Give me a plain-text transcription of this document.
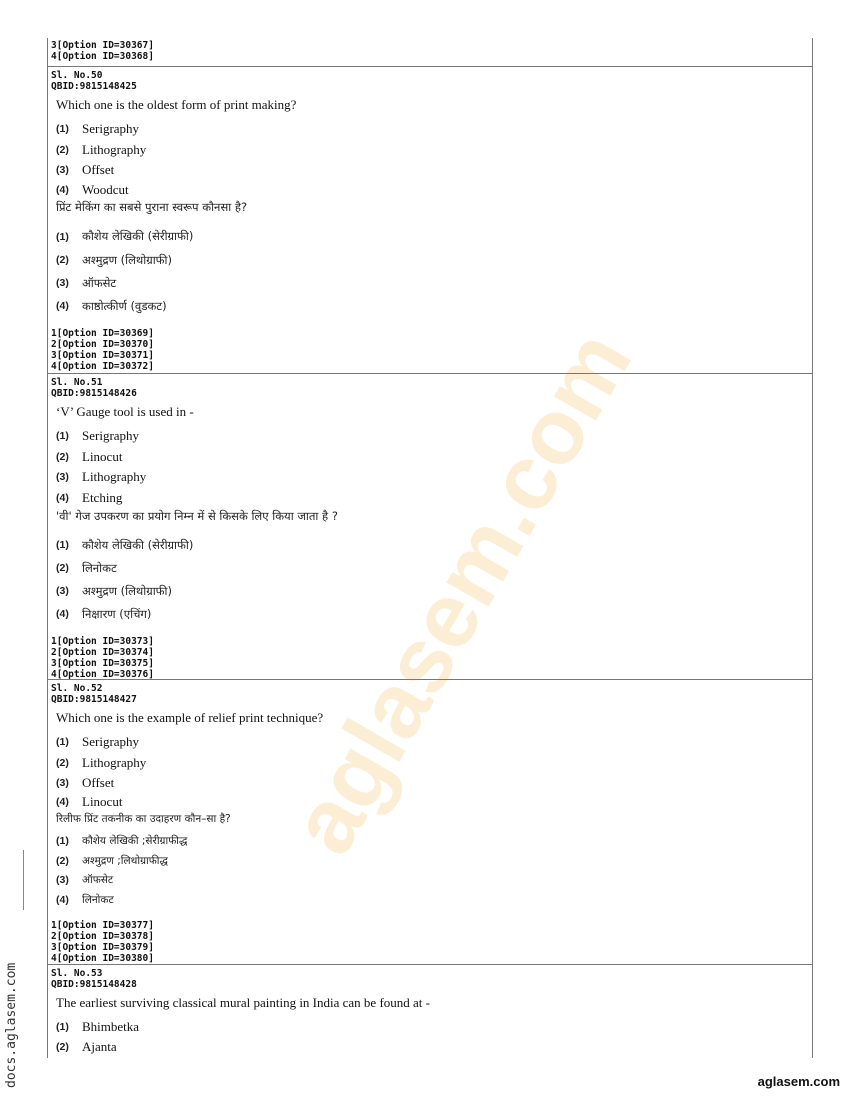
aglasem.com
3[Option ID=30367]
4[Option ID=30368]
Sl. No.50
QBID:9815148425
Which one is the oldest form of print making?
(1)	Serigraphy
(2)	Lithography
(3)	Offset
(4)	Woodcut
प्रिंट मेकिंग का सबसे पुराना स्वरूप कौनसा है?
(1)	कौशेय लेखिकी (सेरीग्राफी)
(2)	अश्मुद्रण (लिथोग्राफी)
(3)	ऑफसेट
(4)	काष्ठोत्कीर्ण (वुडकट)
1[Option ID=30369]
2[Option ID=30370]
3[Option ID=30371]
4[Option ID=30372]
Sl. No.51
QBID:9815148426
‘V’ Gauge tool is used in -
(1)	Serigraphy
(2)	Linocut
(3)	Lithography
(4)	Etching
'वी' गेज उपकरण का प्रयोग निम्न में से किसके लिए किया जाता है ?
(1)	कौशेय लेखिकी (सेरीग्राफी)
(2)	लिनोकट
(3)	अश्मुद्रण (लिथोग्राफी)
(4)	निक्षारण (एचिंग)
1[Option ID=30373]
2[Option ID=30374]
3[Option ID=30375]
4[Option ID=30376]
Sl. No.52
QBID:9815148427
Which one is the example of relief print technique?
(1)	Serigraphy
(2)	Lithography
(3)	Offset
(4)	Linocut
रिलीफ प्रिंट तकनीक का उदाहरण कौन–सा है?
(1)	कौशेय लेखिकी ;सेरीग्राफीद्ध
(2)	अश्मुद्रण ;लिथोग्राफीद्ध
(3)	ऑफसेट
(4)	लिनोकट
1[Option ID=30377]
2[Option ID=30378]
3[Option ID=30379]
4[Option ID=30380]
Sl. No.53
QBID:9815148428
The earliest surviving classical mural painting in India can be found at -
(1)	Bhimbetka
(2)	Ajanta
docs.aglasem.com	aglasem.com
